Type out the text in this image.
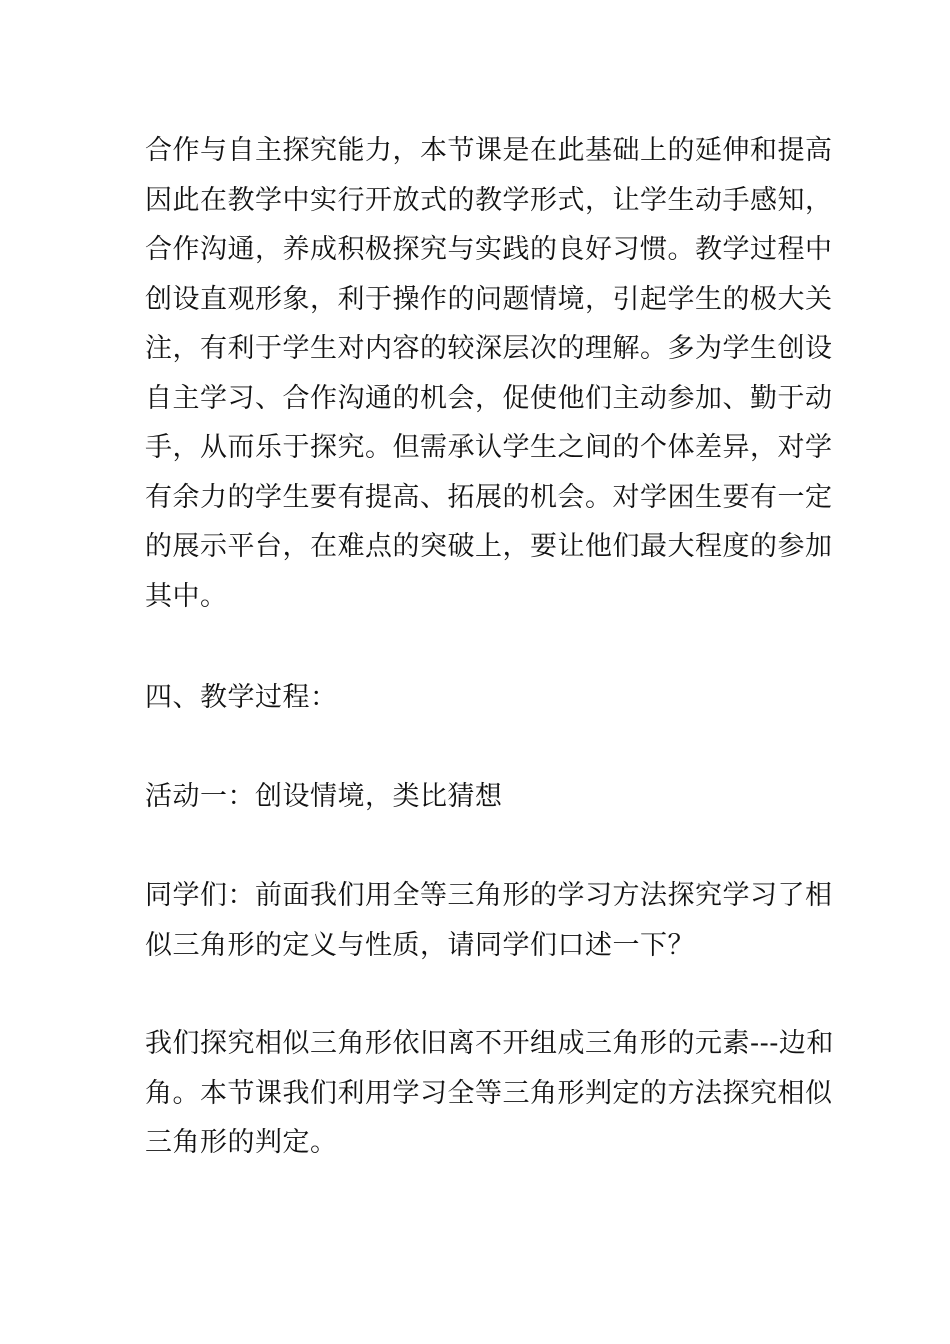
合作与自主探究能力，本节课是在此基础上的延伸和提高
因此在教学中实行开放式的教学形式，让学生动手感知，
合作沟通，养成积极探究与实践的良好习惯。教学过程中
创设直观形象，利于操作的问题情境，引起学生的极大关
注，有利于学生对内容的较深层次的理解。多为学生创设
自主学习、合作沟通的机会，促使他们主动参加、勤于动
手，从而乐于探究。但需承认学生之间的个体差异，对学
有余力的学生要有提高、拓展的机会。对学困生要有一定
的展示平台，在难点的突破上，要让他们最大程度的参加
其中。
四、教学过程：
活动一：创设情境，类比猜想
同学们：前面我们用全等三角形的学习方法探究学习了相
似三角形的定义与性质，请同学们口述一下？
我们探究相似三角形依旧离不开组成三角形的元素---边和
角。本节课我们利用学习全等三角形判定的方法探究相似
三角形的判定。
